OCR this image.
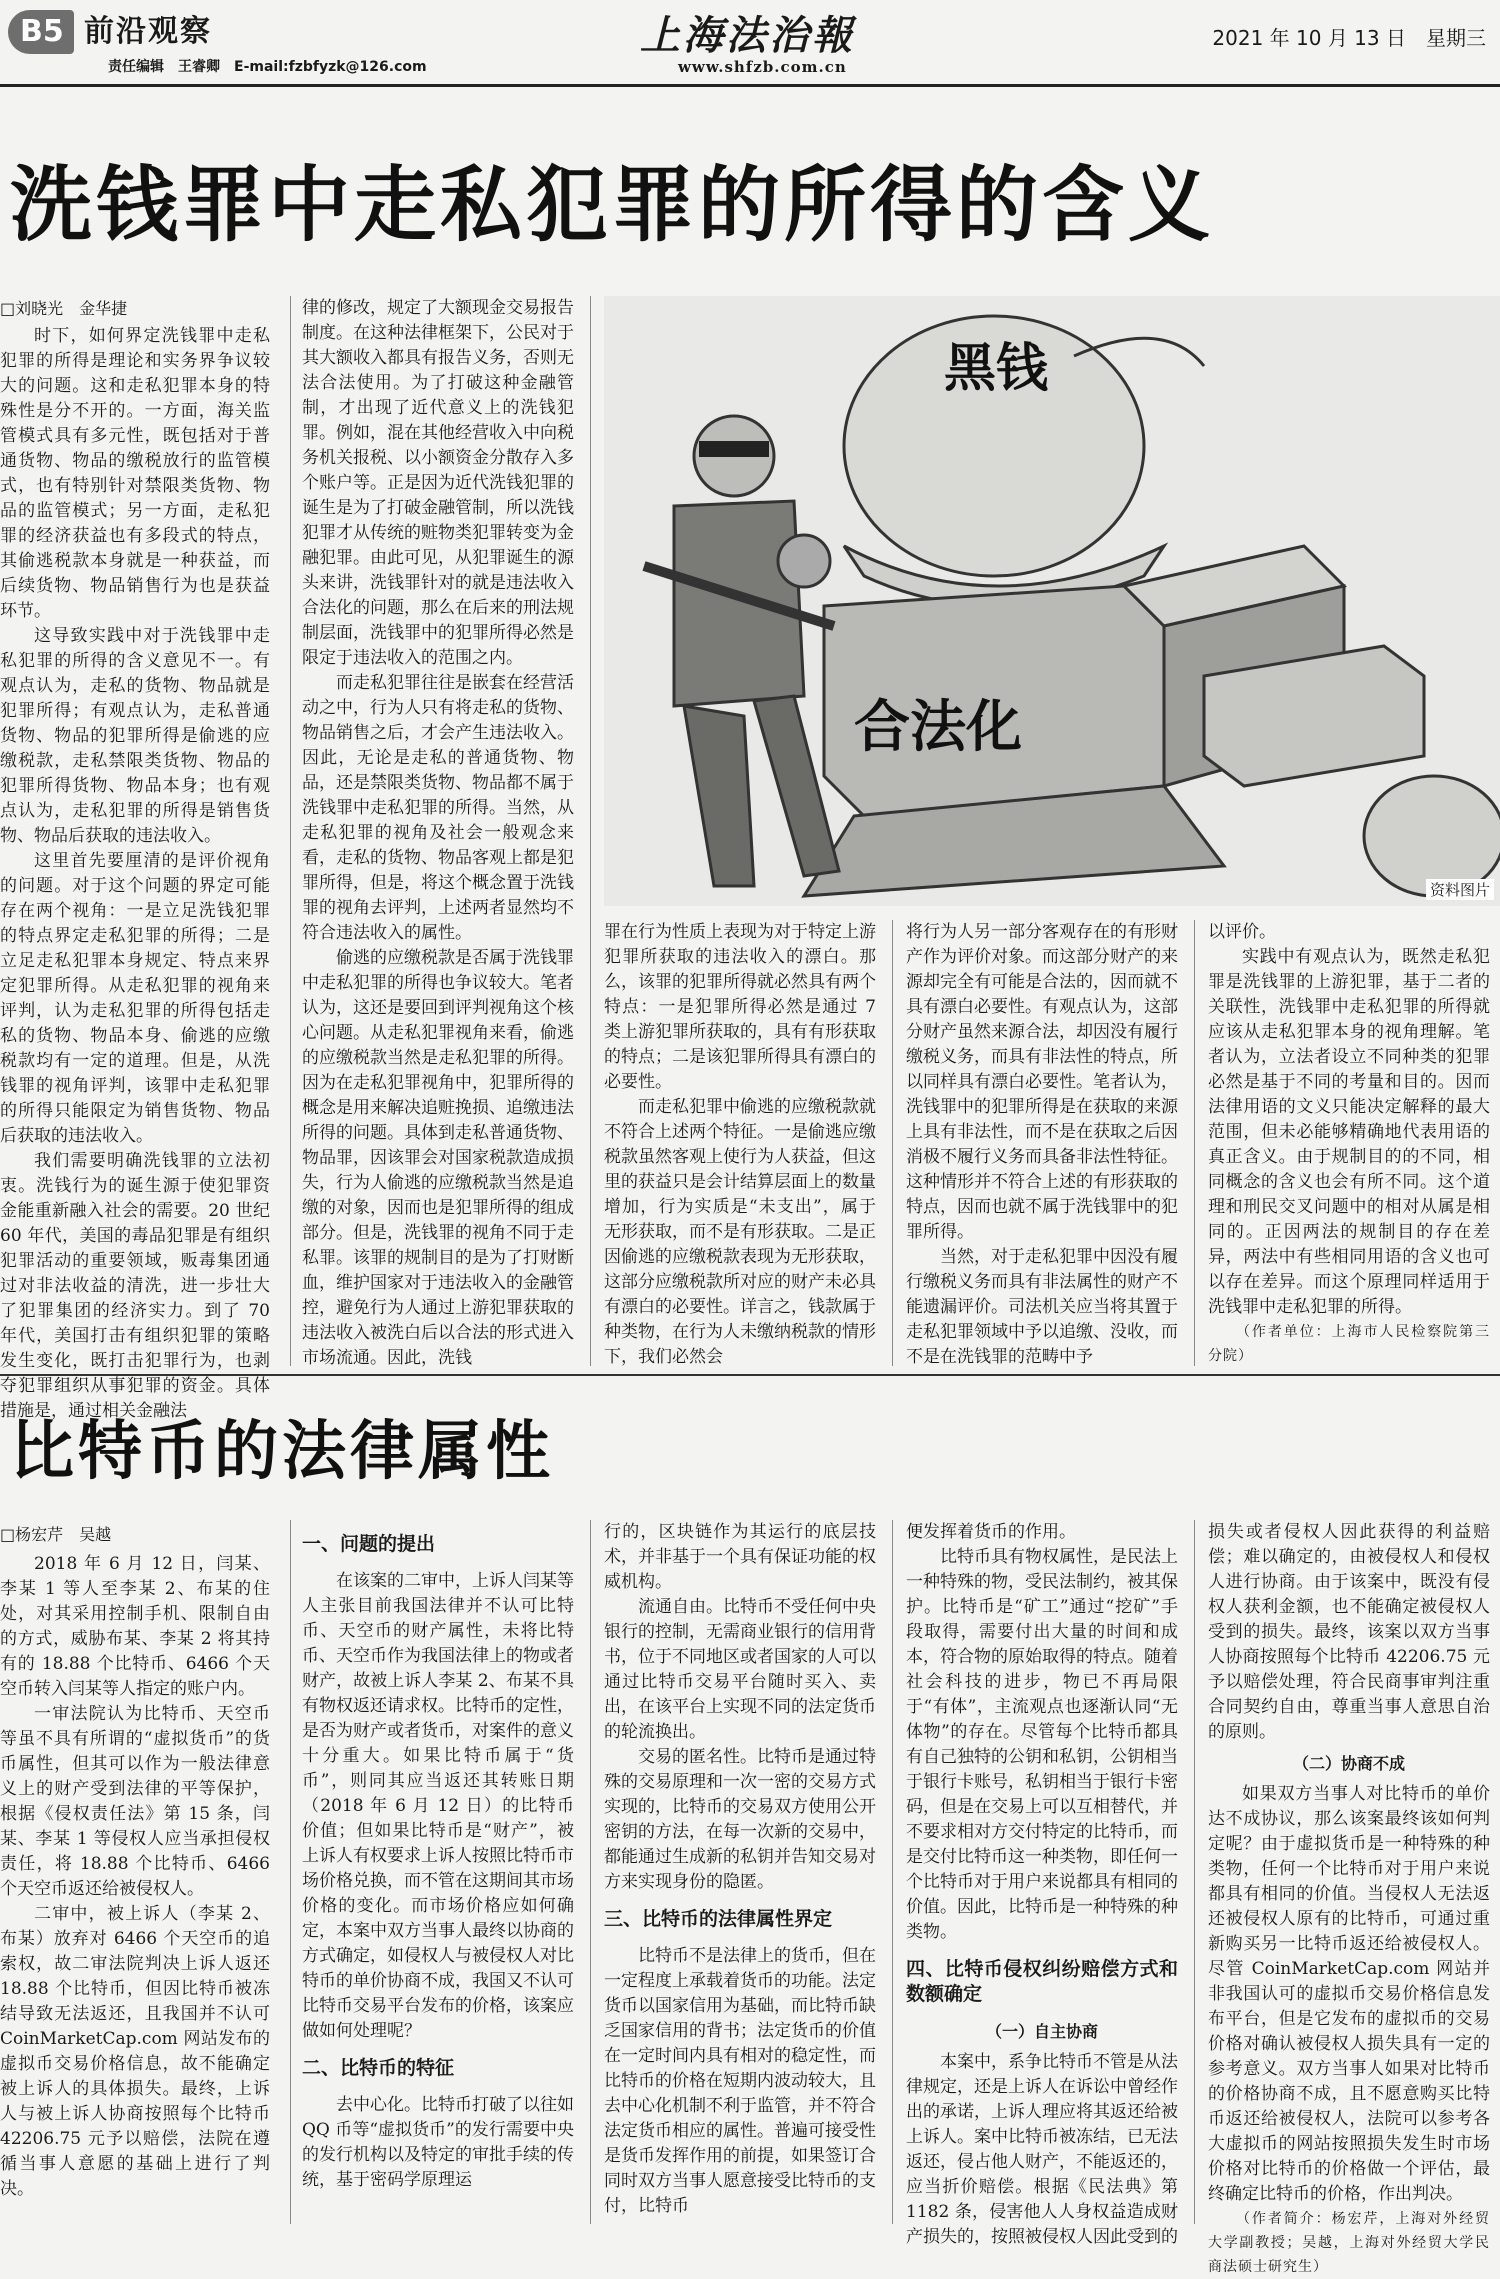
B5 前沿观察
责任编辑　王睿卿　E-mail:fzbfyzk@126.com
上海法治報
www.shfzb.com.cn
2021 年 10 月 13 日　星期三
洗钱罪中走私犯罪的所得的含义
□刘晓光　金华捷

时下，如何界定洗钱罪中走私犯罪的所得是理论和实务界争议较大的问题。这和走私犯罪本身的特殊性是分不开的。一方面，海关监管模式具有多元性，既包括对于普通货物、物品的缴税放行的监管模式，也有特别针对禁限类货物、物品的监管模式；另一方面，走私犯罪的经济获益也有多段式的特点，其偷逃税款本身就是一种获益，而后续货物、物品销售行为也是获益环节。

这导致实践中对于洗钱罪中走私犯罪的所得的含义意见不一。有观点认为，走私的货物、物品就是犯罪所得；有观点认为，走私普通货物、物品的犯罪所得是偷逃的应缴税款，走私禁限类货物、物品的犯罪所得货物、物品本身；也有观点认为，走私犯罪的所得是销售货物、物品后获取的违法收入。

这里首先要厘清的是评价视角的问题。对于这个问题的界定可能存在两个视角：一是立足洗钱犯罪的特点界定走私犯罪的所得；二是立足走私犯罪本身规定、特点来界定犯罪所得。从走私犯罪的视角来评判，认为走私犯罪的所得包括走私的货物、物品本身、偷逃的应缴税款均有一定的道理。但是，从洗钱罪的视角评判，该罪中走私犯罪的所得只能限定为销售货物、物品后获取的违法收入。

我们需要明确洗钱罪的立法初衷。洗钱行为的诞生源于使犯罪资金能重新融入社会的需要。20 世纪 60 年代，美国的毒品犯罪是有组织犯罪活动的重要领域，贩毒集团通过对非法收益的清洗，进一步壮大了犯罪集团的经济实力。到了 70 年代，美国打击有组织犯罪的策略发生变化，既打击犯罪行为，也剥夺犯罪组织从事犯罪的资金。具体措施是，通过相关金融法

律的修改，规定了大额现金交易报告制度。在这种法律框架下，公民对于其大额收入都具有报告义务，否则无法合法使用。为了打破这种金融管制，才出现了近代意义上的洗钱犯罪。例如，混在其他经营收入中向税务机关报税、以小额资金分散存入多个账户等。正是因为近代洗钱犯罪的诞生是为了打破金融管制，所以洗钱犯罪才从传统的赃物类犯罪转变为金融犯罪。由此可见，从犯罪诞生的源头来讲，洗钱罪针对的就是违法收入合法化的问题，那么在后来的刑法规制层面，洗钱罪中的犯罪所得必然是限定于违法收入的范围之内。

而走私犯罪往往是嵌套在经营活动之中，行为人只有将走私的货物、物品销售之后，才会产生违法收入。因此，无论是走私的普通货物、物品，还是禁限类货物、物品都不属于洗钱罪中走私犯罪的所得。当然，从走私犯罪的视角及社会一般观念来看，走私的货物、物品客观上都是犯罪所得，但是，将这个概念置于洗钱罪的视角去评判，上述两者显然均不符合违法收入的属性。

偷逃的应缴税款是否属于洗钱罪中走私犯罪的所得也争议较大。笔者认为，这还是要回到评判视角这个核心问题。从走私犯罪视角来看，偷逃的应缴税款当然是走私犯罪的所得。因为在走私犯罪视角中，犯罪所得的概念是用来解决追赃挽损、追缴违法所得的问题。具体到走私普通货物、物品罪，因该罪会对国家税款造成损失，行为人偷逃的应缴税款当然是追缴的对象，因而也是犯罪所得的组成部分。但是，洗钱罪的视角不同于走私罪。该罪的规制目的是为了打财断血，维护国家对于违法收入的金融管控，避免行为人通过上游犯罪获取的违法收入被洗白后以合法的形式进入市场流通。因此，洗钱

黑钱
合法化
资料图片

罪在行为性质上表现为对于特定上游犯罪所获取的违法收入的漂白。那么，该罪的犯罪所得就必然具有两个特点：一是犯罪所得必然是通过 7 类上游犯罪所获取的，具有有形获取的特点；二是该犯罪所得具有漂白的必要性。

而走私犯罪中偷逃的应缴税款就不符合上述两个特征。一是偷逃应缴税款虽然客观上使行为人获益，但这里的获益只是会计结算层面上的数量增加，行为实质是“未支出”，属于无形获取，而不是有形获取。二是正因偷逃的应缴税款表现为无形获取，这部分应缴税款所对应的财产未必具有漂白的必要性。详言之，钱款属于种类物，在行为人未缴纳税款的情形下，我们必然会

将行为人另一部分客观存在的有形财产作为评价对象。而这部分财产的来源却完全有可能是合法的，因而就不具有漂白必要性。有观点认为，这部分财产虽然来源合法，却因没有履行缴税义务，而具有非法性的特点，所以同样具有漂白必要性。笔者认为，洗钱罪中的犯罪所得是在获取的来源上具有非法性，而不是在获取之后因消极不履行义务而具备非法性特征。这种情形并不符合上述的有形获取的特点，因而也就不属于洗钱罪中的犯罪所得。

当然，对于走私犯罪中因没有履行缴税义务而具有非法属性的财产不能遗漏评价。司法机关应当将其置于走私犯罪领域中予以追缴、没收，而不是在洗钱罪的范畴中予

以评价。

实践中有观点认为，既然走私犯罪是洗钱罪的上游犯罪，基于二者的关联性，洗钱罪中走私犯罪的所得就应该从走私犯罪本身的视角理解。笔者认为，立法者设立不同种类的犯罪必然是基于不同的考量和目的。因而法律用语的文义只能决定解释的最大范围，但未必能够精确地代表用语的真正含义。由于规制目的的不同，相同概念的含义也会有所不同。这个道理和刑民交叉问题中的相对从属是相同的。正因两法的规制目的存在差异，两法中有些相同用语的含义也可以存在差异。而这个原理同样适用于洗钱罪中走私犯罪的所得。

（作者单位：上海市人民检察院第三分院）

比特币的法律属性
□杨宏芹　吴越

2018 年 6 月 12 日，闫某、李某 1 等人至李某 2、布某的住处，对其采用控制手机、限制自由的方式，威胁布某、李某 2 将其持有的 18.88 个比特币、6466 个天空币转入闫某等人指定的账户内。

一审法院认为比特币、天空币等虽不具有所谓的“虚拟货币”的货币属性，但其可以作为一般法律意义上的财产受到法律的平等保护，根据《侵权责任法》第 15 条，闫某、李某 1 等侵权人应当承担侵权责任，将 18.88 个比特币、6466 个天空币返还给被侵权人。

二审中，被上诉人（李某 2、布某）放弃对 6466 个天空币的追索权，故二审法院判决上诉人返还 18.88 个比特币，但因比特币被冻结导致无法返还，且我国并不认可 CoinMarketCap.com 网站发布的虚拟币交易价格信息，故不能确定被上诉人的具体损失。最终，上诉人与被上诉人协商按照每个比特币 42206.75 元予以赔偿，法院在遵循当事人意愿的基础上进行了判决。

一、问题的提出

在该案的二审中，上诉人闫某等人主张目前我国法律并不认可比特币、天空币的财产属性，未将比特币、天空币作为我国法律上的物或者财产，故被上诉人李某 2、布某不具有物权返还请求权。比特币的定性，是否为财产或者货币，对案件的意义十分重大。如果比特币属于“货币”，则同其应当返还其转账日期（2018 年 6 月 12 日）的比特币价值；但如果比特币是“财产”，被上诉人有权要求上诉人按照比特币市场价格兑换，而不管在这期间其市场价格的变化。而市场价格应如何确定，本案中双方当事人最终以协商的方式确定，如侵权人与被侵权人对比特币的单价协商不成，我国又不认可比特币交易平台发布的价格，该案应做如何处理呢？

二、比特币的特征

去中心化。比特币打破了以往如 QQ 币等“虚拟货币”的发行需要中央的发行机构以及特定的审批手续的传统，基于密码学原理运

行的，区块链作为其运行的底层技术，并非基于一个具有保证功能的权威机构。

流通自由。比特币不受任何中央银行的控制，无需商业银行的信用背书，位于不同地区或者国家的人可以通过比特币交易平台随时买入、卖出，在该平台上实现不同的法定货币的轮流换出。

交易的匿名性。比特币是通过特殊的交易原理和一次一密的交易方式实现的，比特币的交易双方使用公开密钥的方法，在每一次新的交易中，都能通过生成新的私钥并告知交易对方来实现身份的隐匿。

三、比特币的法律属性界定

比特币不是法律上的货币，但在一定程度上承载着货币的功能。法定货币以国家信用为基础，而比特币缺乏国家信用的背书；法定货币的价值在一定时间内具有相对的稳定性，而比特币的价格在短期内波动较大，且去中心化机制不利于监管，并不符合法定货币相应的属性。普遍可接受性是货币发挥作用的前提，如果签订合同时双方当事人愿意接受比特币的支付，比特币

便发挥着货币的作用。

比特币具有物权属性，是民法上一种特殊的物，受民法制约，被其保护。比特币是“矿工”通过“挖矿”手段取得，需要付出大量的时间和成本，符合物的原始取得的特点。随着社会科技的进步，物已不再局限于“有体”，主流观点也逐渐认同“无体物”的存在。尽管每个比特币都具有自己独特的公钥和私钥，公钥相当于银行卡账号，私钥相当于银行卡密码，但是在交易上可以互相替代，并不要求相对方交付特定的比特币，而是交付比特币这一种类物，即任何一个比特币对于用户来说都具有相同的价值。因此，比特币是一种特殊的种类物。

四、比特币侵权纠纷赔偿方式和数额确定

（一）自主协商

本案中，系争比特币不管是从法律规定，还是上诉人在诉讼中曾经作出的承诺，上诉人理应将其返还给被上诉人。案中比特币被冻结，已无法返还，侵占他人财产，不能返还的，应当折价赔偿。根据《民法典》第 1182 条，侵害他人人身权益造成财产损失的，按照被侵权人因此受到的

损失或者侵权人因此获得的利益赔偿；难以确定的，由被侵权人和侵权人进行协商。由于该案中，既没有侵权人获利金额，也不能确定被侵权人受到的损失。最终，该案以双方当事人协商按照每个比特币 42206.75 元予以赔偿处理，符合民商事审判注重合同契约自由，尊重当事人意思自治的原则。

（二）协商不成

如果双方当事人对比特币的单价达不成协议，那么该案最终该如何判定呢？由于虚拟货币是一种特殊的种类物，任何一个比特币对于用户来说都具有相同的价值。当侵权人无法返还被侵权人原有的比特币，可通过重新购买另一比特币返还给被侵权人。尽管 CoinMarketCap.com 网站并非我国认可的虚拟币交易价格信息发布平台，但是它发布的虚拟币的交易价格对确认被侵权人损失具有一定的参考意义。双方当事人如果对比特币的价格协商不成，且不愿意购买比特币返还给被侵权人，法院可以参考各大虚拟币的网站按照损失发生时市场价格对比特币的价格做一个评估，最终确定比特币的价格，作出判决。

（作者简介：杨宏芹，上海对外经贸大学副教授；吴越，上海对外经贸大学民商法硕士研究生）
